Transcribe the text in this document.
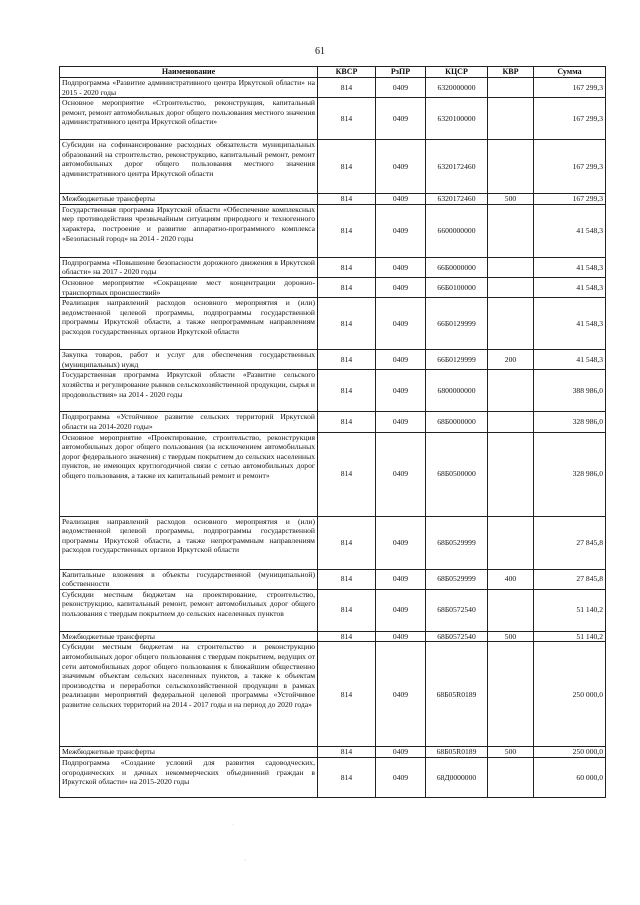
61
Наименование	КВСР	РзПР	КЦСР	КВР	Сумма
Подпрограмма «Развитие административного центра Иркутской области» на 2015 - 2020 годы	814	0409	6320000000		167 299,3
Основное мероприятие «Строительство, реконструкция, капитальный ремонт, ремонт автомобильных дорог общего пользования местного значения административного центра Иркутской области»	814	0409	6320100000		167 299,3
Субсидии на софинансирование расходных обязательств муниципальных образований на строительство, реконструкцию, капитальный ремонт, ремонт автомобильных дорог общего пользования местного значения административного центра Иркутской области	814	0409	6320172460		167 299,3
Межбюджетные трансферты	814	0409	6320172460	500	167 299,3
Государственная программа Иркутской области «Обеспечение комплексных мер противодействия чрезвычайным ситуациям природного и техногенного характера, построение и развитие аппаратно-программного комплекса «Безопасный город» на 2014 - 2020 годы	814	0409	6600000000		41 548,3
Подпрограмма «Повышение безопасности дорожного движения в Иркутской области» на 2017 - 2020 годы	814	0409	66Б0000000		41 548,3
Основное мероприятие «Сокращение мест концентрации дорожно-транспортных происшествий»	814	0409	66Б0100000		41 548,3
Реализация направлений расходов основного мероприятия и (или) ведомственной целевой программы, подпрограммы государственной программы Иркутской области, а также непрограммным направлениям расходов государственных органов Иркутской области	814	0409	66Б0129999		41 548,3
Закупка товаров, работ и услуг для обеспечения государственных (муниципальных) нужд	814	0409	66Б0129999	200	41 548,3
Государственная программа Иркутской области «Развитие сельского хозяйства и регулирование рынков сельскохозяйственной продукции, сырья и продовольствия» на 2014 - 2020 годы	814	0409	6800000000		388 986,0
Подпрограмма «Устойчивое развитие сельских территорий Иркутской области на 2014-2020 годы»	814	0409	68Б0000000		328 986,0
Основное мероприятие «Проектирование, строительство, реконструкция автомобильных дорог общего пользования (за исключением автомобильных дорог федерального значения) с твердым покрытием до сельских населенных пунктов, не имеющих круглогодичной связи с сетью автомобильных дорог общего пользования, а также их капитальный ремонт и ремонт»	814	0409	68Б0500000		328 986,0
Реализация направлений расходов основного мероприятия и (или) ведомственной целевой программы, подпрограммы государственной программы Иркутской области, а также непрограммным направлениям расходов государственных органов Иркутской области	814	0409	68Б0529999		27 845,8
Капитальные вложения в объекты государственной (муниципальной) собственности	814	0409	68Б0529999	400	27 845,8
Субсидии местным бюджетам на проектирование, строительство, реконструкцию, капитальный ремонт, ремонт автомобильных дорог общего пользования с твердым покрытием до сельских населенных пунктов	814	0409	68Б0572540		51 140,2
Межбюджетные трансферты	814	0409	68Б0572540	500	51 140,2
Субсидии местным бюджетам на строительство и реконструкцию автомобильных дорог общего пользования с твердым покрытием, ведущих от сети автомобильных дорог общего пользования к ближайшим общественно значимым объектам сельских населенных пунктов, а также к объектам производства и переработки сельскохозяйственной продукции в рамках реализации мероприятий федеральной целевой программы «Устойчивое развитие сельских территорий на 2014 - 2017 годы и на период до 2020 года»	814	0409	68Б05R0189		250 000,0
Межбюджетные трансферты	814	0409	68Б05R0189	500	250 000,0
Подпрограмма «Создание условий для развития садоводческих, огороднических и дачных некоммерческих объединений граждан в Иркутской области» на 2015-2020 годы	814	0409	68Д0000000		60 000,0
·
·
